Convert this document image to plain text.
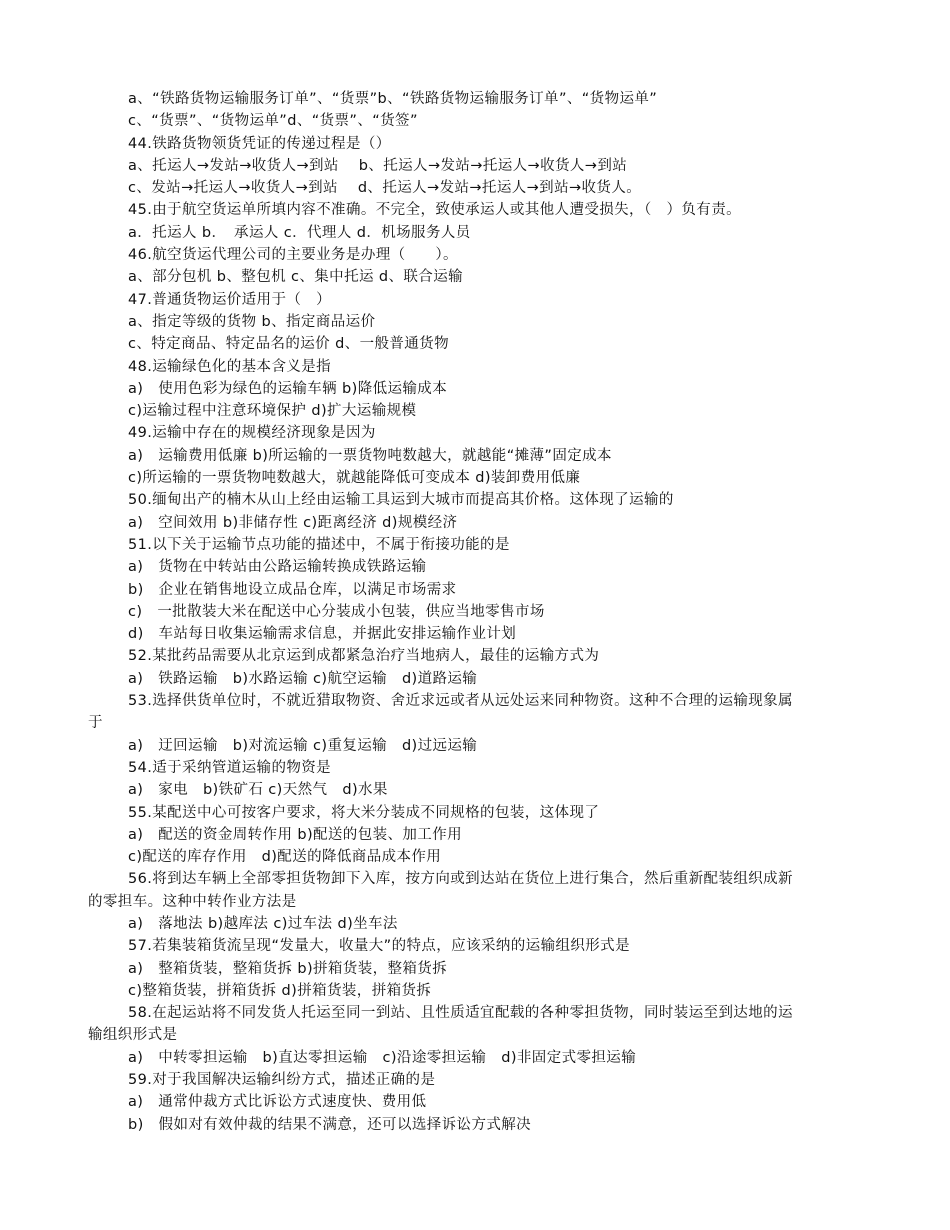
a、“铁路货物运输服务订单”、“货票”b、“铁路货物运输服务订单”、“货物运单”
c、“货票”、“货物运单”d、“货票”、“货签”
44.铁路货物领货凭证的传递过程是（）
a、托运人→发站→收货人→到站　 b、托运人→发站→托运人→收货人→到站
c、发站→托运人→收货人→到站　 d、托运人→发站→托运人→到站→收货人。
45.由于航空货运单所填内容不准确。不完全，致使承运人或其他人遭受损失，（　）负有责。
a．托运人 b．　承运人 c．代理人 d．机场服务人员
46.航空货运代理公司的主要业务是办理（　　）。
a、部分包机 b、整包机 c、集中托运 d、联合运输
47.普通货物运价适用于（　）
a、指定等级的货物 b、指定商品运价
c、特定商品、特定品名的运价 d、一般普通货物
48.运输绿色化的基本含义是指
a)　使用色彩为绿色的运输车辆 b)降低运输成本
c)运输过程中注意环境保护 d)扩大运输规模
49.运输中存在的规模经济现象是因为
a)　运输费用低廉 b)所运输的一票货物吨数越大，就越能“摊薄”固定成本
c)所运输的一票货物吨数越大，就越能降低可变成本 d)装卸费用低廉
50.缅甸出产的楠木从山上经由运输工具运到大城市而提高其价格。这体现了运输的
a)　空间效用 b)非储存性 c)距离经济 d)规模经济
51.以下关于运输节点功能的描述中，不属于衔接功能的是
a)　货物在中转站由公路运输转换成铁路运输
b)　企业在销售地设立成品仓库，以满足市场需求
c)　一批散装大米在配送中心分装成小包装，供应当地零售市场
d)　车站每日收集运输需求信息，并据此安排运输作业计划
52.某批药品需要从北京运到成都紧急治疗当地病人，最佳的运输方式为
a)　铁路运输　b)水路运输 c)航空运输　d)道路运输
53.选择供货单位时，不就近猎取物资、舍近求远或者从远处运来同种物资。这种不合理的运输现象属
于
a)　迂回运输　b)对流运输 c)重复运输　d)过远运输
54.适于采纳管道运输的物资是
a)　家电　b)铁矿石 c)天然气　d)水果
55.某配送中心可按客户要求，将大米分装成不同规格的包装，这体现了
a)　配送的资金周转作用 b)配送的包装、加工作用
c)配送的库存作用　d)配送的降低商品成本作用
56.将到达车辆上全部零担货物卸下入库，按方向或到达站在货位上进行集合，然后重新配装组织成新
的零担车。这种中转作业方法是
a)　落地法 b)越库法 c)过车法 d)坐车法
57.若集装箱货流呈现“发量大，收量大”的特点，应该采纳的运输组织形式是
a)　整箱货装，整箱货拆 b)拼箱货装，整箱货拆
c)整箱货装，拼箱货拆 d)拼箱货装，拼箱货拆
58.在起运站将不同发货人托运至同一到站、且性质适宜配载的各种零担货物，同时装运至到达地的运
输组织形式是
a)　中转零担运输　b)直达零担运输　c)沿途零担运输　d)非固定式零担运输
59.对于我国解决运输纠纷方式，描述正确的是
a)　通常仲裁方式比诉讼方式速度快、费用低
b)　假如对有效仲裁的结果不满意，还可以选择诉讼方式解决
